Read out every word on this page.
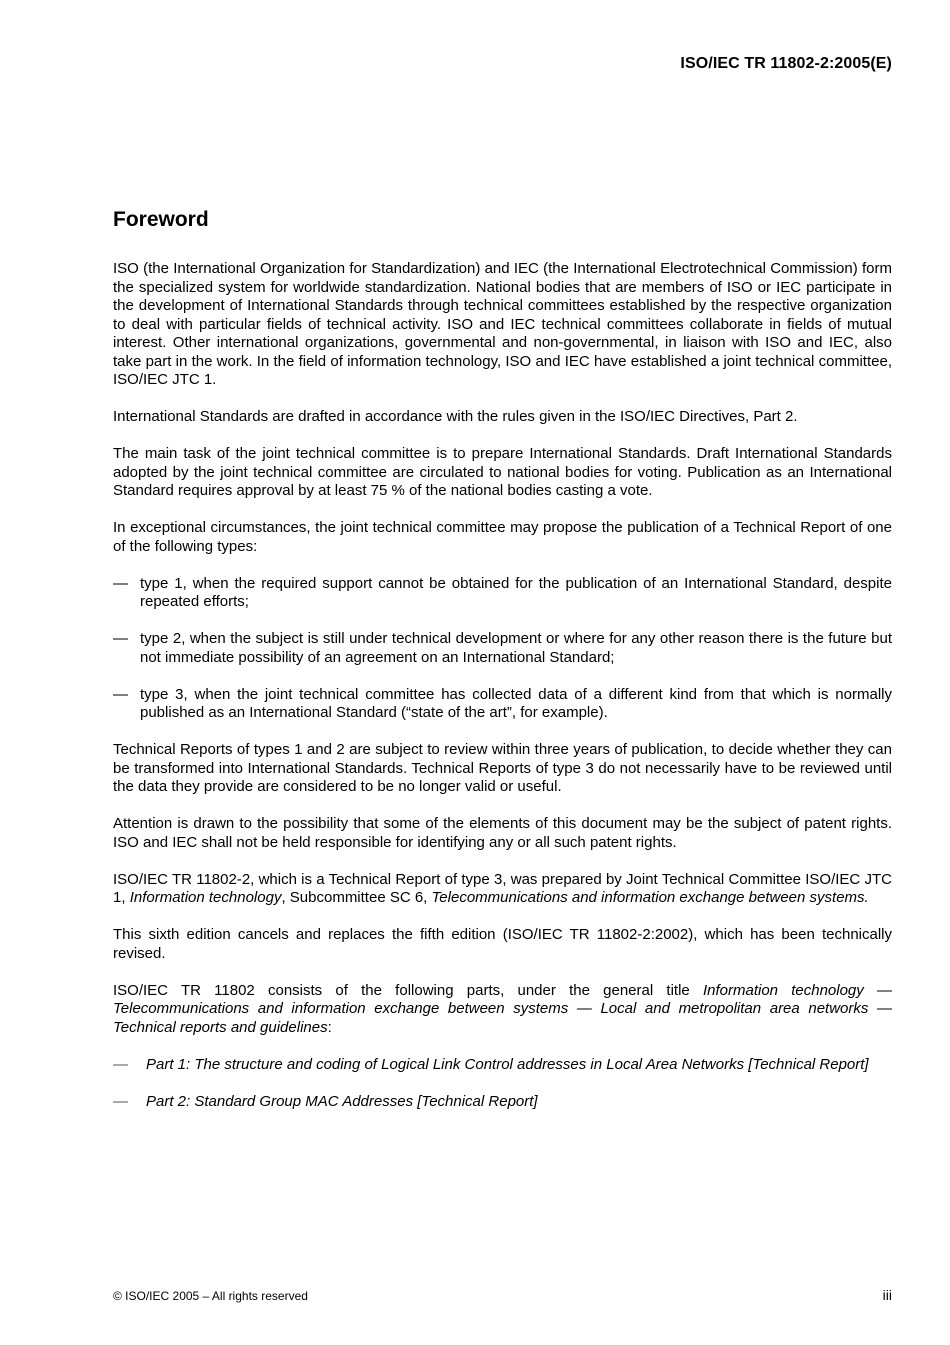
ISO/IEC TR 11802-2:2005(E)
Foreword

ISO (the International Organization for Standardization) and IEC (the International Electrotechnical Commission) form the specialized system for worldwide standardization. National bodies that are members of ISO or IEC participate in the development of International Standards through technical committees established by the respective organization to deal with particular fields of technical activity. ISO and IEC technical committees collaborate in fields of mutual interest. Other international organizations, governmental and non-governmental, in liaison with ISO and IEC, also take part in the work. In the field of information technology, ISO and IEC have established a joint technical committee, ISO/IEC JTC 1.

International Standards are drafted in accordance with the rules given in the ISO/IEC Directives, Part 2.

The main task of the joint technical committee is to prepare International Standards. Draft International Standards adopted by the joint technical committee are circulated to national bodies for voting. Publication as an International Standard requires approval by at least 75 % of the national bodies casting a vote.

In exceptional circumstances, the joint technical committee may propose the publication of a Technical Report of one of the following types:

— type 1, when the required support cannot be obtained for the publication of an International Standard, despite repeated efforts;
— type 2, when the subject is still under technical development or where for any other reason there is the future but not immediate possibility of an agreement on an International Standard;
— type 3, when the joint technical committee has collected data of a different kind from that which is normally published as an International Standard (“state of the art”, for example).

Technical Reports of types 1 and 2 are subject to review within three years of publication, to decide whether they can be transformed into International Standards. Technical Reports of type 3 do not necessarily have to be reviewed until the data they provide are considered to be no longer valid or useful.

Attention is drawn to the possibility that some of the elements of this document may be the subject of patent rights. ISO and IEC shall not be held responsible for identifying any or all such patent rights.

ISO/IEC TR 11802-2, which is a Technical Report of type 3, was prepared by Joint Technical Committee ISO/IEC JTC 1, Information technology, Subcommittee SC 6, Telecommunications and information exchange between systems.

This sixth edition cancels and replaces the fifth edition (ISO/IEC TR 11802-2:2002), which has been technically revised.

ISO/IEC TR 11802 consists of the following parts, under the general title Information technology — Telecommunications and information exchange between systems — Local and metropolitan area networks — Technical reports and guidelines:

— Part 1: The structure and coding of Logical Link Control addresses in Local Area Networks [Technical Report]
— Part 2: Standard Group MAC Addresses [Technical Report]
© ISO/IEC 2005 – All rights reserved	iii
